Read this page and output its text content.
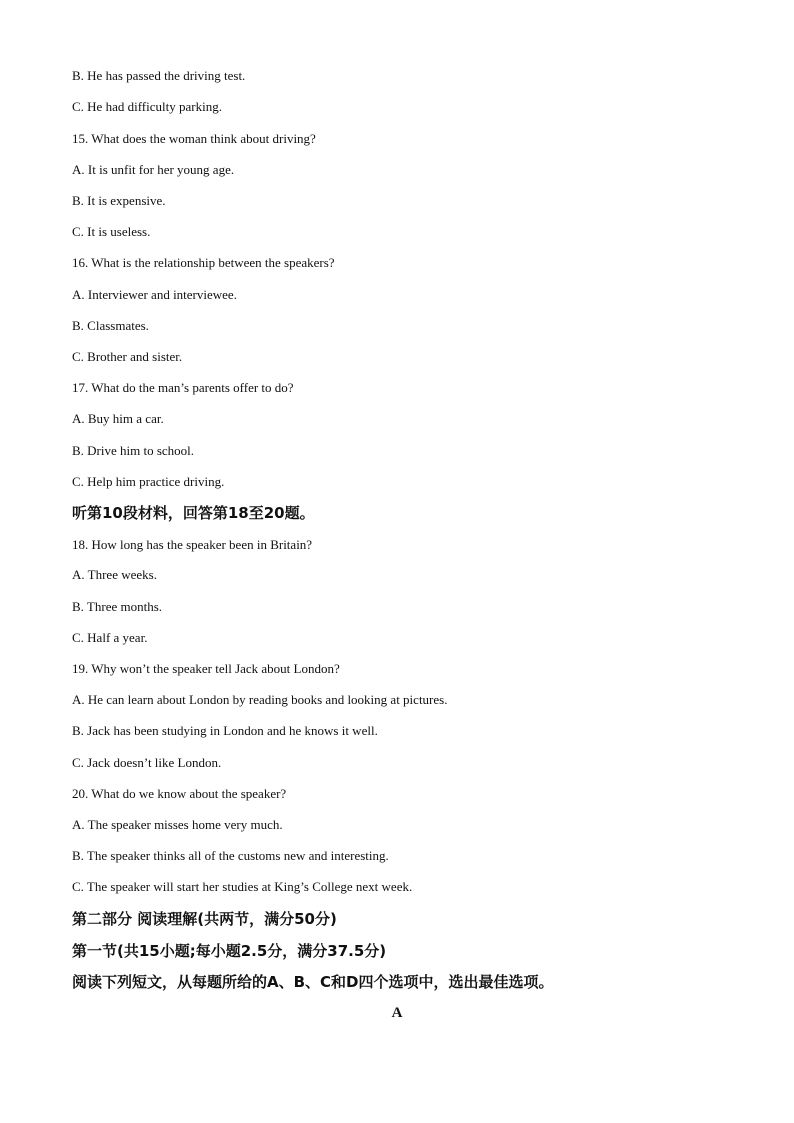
B. He has passed the driving test.
C. He had difficulty parking.
15. What does the woman think about driving?
A. It is unfit for her young age.
B. It is expensive.
C. It is useless.
16. What is the relationship between the speakers?
A. Interviewer and interviewee.
B. Classmates.
C. Brother and sister.
17. What do the man’s parents offer to do?
A. Buy him a car.
B. Drive him to school.
C. Help him practice driving.
听第10段材料，回答第18至20题。
18. How long has the speaker been in Britain?
A. Three weeks.
B. Three months.
C. Half a year.
19. Why won’t the speaker tell Jack about London?
A. He can learn about London by reading books and looking at pictures.
B. Jack has been studying in London and he knows it well.
C. Jack doesn’t like London.
20. What do we know about the speaker?
A. The speaker misses home very much.
B. The speaker thinks all of the customs new and interesting.
C. The speaker will start her studies at King’s College next week.
第二部分 阅读理解(共两节，满分50分)
第一节(共15小题;每小题2.5分，满分37.5分)
阅读下列短文，从每题所给的A、B、C和D四个选项中，选出最佳选项。
A
